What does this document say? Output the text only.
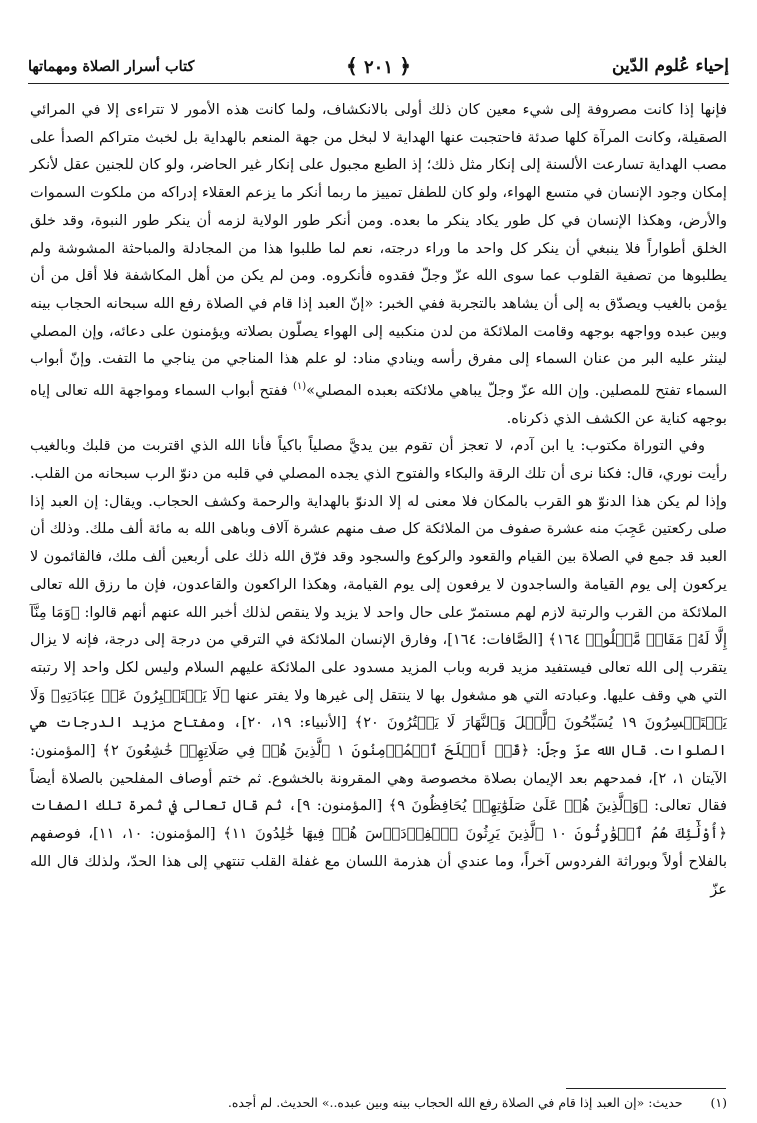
إحياء عُلوم الدّين
﴿ ٢٠١ ﴾
كتاب أسرار الصلاة ومهماتها

فإنها إذا كانت مصروفة إلى شيء معين كان ذلك أولى بالانكشاف، ولما كانت هذه الأمور لا تتراءى إلا في المرائي الصقيلة، وكانت المرآة كلها صدئة فاحتجبت عنها الهداية لا لبخل من جهة المنعم بالهداية بل لخبث متراكم الصدأ على مصب الهداية تسارعت الألسنة إلى إنكار مثل ذلك؛ إذ الطبع مجبول على إنكار غير الحاضر، ولو كان للجنين عقل لأنكر إمكان وجود الإنسان في متسع الهواء، ولو كان للطفل تمييز ما ربما أنكر ما يزعم العقلاء إدراكه من ملكوت السموات والأرض، وهكذا الإنسان في كل طور يكاد ينكر ما بعده. ومن أنكر طور الولاية لزمه أن ينكر طور النبوة، وقد خلق الخلق أطواراً فلا ينبغي أن ينكر كل واحد ما وراء درجته، نعم لما طلبوا هذا من المجادلة والمباحثة المشوشة ولم يطلبوها من تصفية القلوب عما سوى الله عزّ وجلّ فقدوه فأنكروه. ومن لم يكن من أهل المكاشفة فلا أقل من أن يؤمن بالغيب ويصدّق به إلى أن يشاهد بالتجربة ففي الخبر: «إنّ العبد إذا قام في الصلاة رفع الله سبحانه الحجاب بينه وبين عبده وواجهه بوجهه وقامت الملائكة من لدن منكبيه إلى الهواء يصلّون بصلاته ويؤمنون على دعائه، وإن المصلي لينثر عليه البر من عنان السماء إلى مفرق رأسه وينادي مناد: لو علم هذا المناجي من يناجي ما التفت. وإنّ أبواب السماء تفتح للمصلين. وإن الله عزّ وجلّ يباهي ملائكته بعبده المصلي»$^{(١)}$ ففتح أبواب السماء ومواجهة الله تعالى إياه بوجهه كناية عن الكشف الذي ذكرناه.

وفي التوراة مكتوب: يا ابن آدم، لا تعجز أن تقوم بين يديَّ مصلياً باكياً فأنا الله الذي اقتربت من قلبك وبالغيب رأيت نوري، قال: فكنا نرى أن تلك الرقة والبكاء والفتوح الذي يجده المصلي في قلبه من دنوّ الرب سبحانه من القلب. وإذا لم يكن هذا الدنوّ هو القرب بالمكان فلا معنى له إلا الدنوّ بالهداية والرحمة وكشف الحجاب. ويقال: إن العبد إذا صلى ركعتين عَجِبَ منه عشرة صفوف من الملائكة كل صف منهم عشرة آلاف وباهى الله به مائة ألف ملك. وذلك أن العبد قد جمع في الصلاة بين القيام والقعود والركوع والسجود وقد فرّق الله ذلك على أربعين ألف ملك، فالقائمون لا يركعون إلى يوم القيامة والساجدون لا يرفعون إلى يوم القيامة، وهكذا الراكعون والقاعدون، فإن ما رزق الله تعالى الملائكة من القرب والرتبة لازم لهم مستمرّ على حال واحد لا يزيد ولا ينقص لذلك أخبر الله عنهم أنهم قالوا: ﴿وَمَا مِنَّآ إِلَّا لَهُۥ مَقَامٞ مَّعۡلُومٞ ١٦٤﴾ [الصَّافات: ١٦٤]، وفارق الإنسان الملائكة في الترقي من درجة إلى درجة، فإنه لا يزال يتقرب إلى الله تعالى فيستفيد مزيد قربه وباب المزيد مسدود على الملائكة عليهم السلام وليس لكل واحد إلا رتبته التي هي وقف عليها. وعبادته التي هو مشغول بها لا ينتقل إلى غيرها ولا يفتر عنها ﴿لَا يَسۡتَكۡبِرُونَ عَنۡ عِبَادَتِهِۦ وَلَا يَسۡتَحۡسِرُونَ ١٩ يُسَبِّحُونَ ٱلَّيۡلَ وَٱلنَّهَارَ لَا يَفۡتُرُونَ ٢٠﴾ [الأنبياء: ١٩، ٢٠]، ومفتاح مزيد الدرجات هي الصلوات. قال الله عزّ وجلّ: ﴿قَدۡ أَفۡلَحَ ٱلۡمُؤۡمِنُونَ ١ ٱلَّذِينَ هُمۡ فِي صَلَاتِهِمۡ خَٰشِعُونَ ٢﴾ [المؤمنون: الآيتان ١، ٢]، فمدحهم بعد الإيمان بصلاة مخصوصة وهي المقرونة بالخشوع. ثم ختم أوصاف المفلحين بالصلاة أيضاً فقال تعالى: ﴿وَٱلَّذِينَ هُمۡ عَلَىٰ صَلَوَٰتِهِمۡ يُحَافِظُونَ ٩﴾ [المؤمنون: ٩]، ثم قال تعالى في ثمرة تلك الصفات ﴿أُوْلَٰٓئِكَ هُمُ ٱلۡوَٰرِثُونَ ١٠ ٱلَّذِينَ يَرِثُونَ ٱلۡفِرۡدَوۡسَ هُمۡ فِيهَا خَٰلِدُونَ ١١﴾ [المؤمنون: ١٠، ١١]، فوصفهم بالفلاح أولاً وبوراثة الفردوس آخراً، وما عندي أن هذرمة اللسان مع غفلة القلب تنتهي إلى هذا الحدّ، ولذلك قال الله عزّ

(١) حديث: «إن العبد إذا قام في الصلاة رفع الله الحجاب بينه وبين عبده..» الحديث. لم أجده.
